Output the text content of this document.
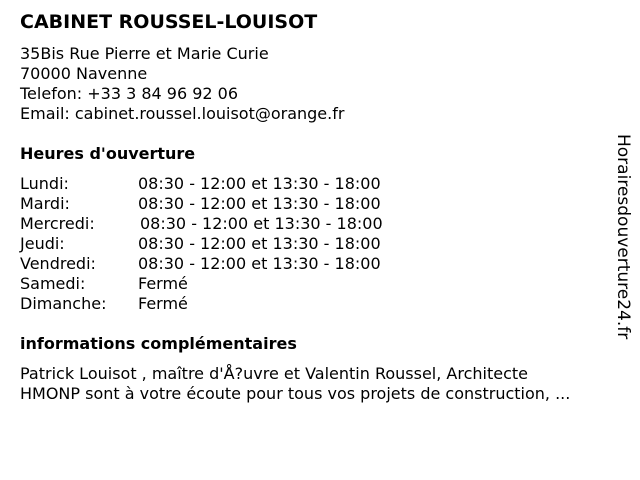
CABINET ROUSSEL-LOUISOT
35Bis Rue Pierre et Marie Curie
70000 Navenne
Telefon: +33 3 84 96 92 06
Email: cabinet.roussel.louisot@orange.fr
Heures d'ouverture
Lundi:	08:30 - 12:00 et 13:30 - 18:00
Mardi:	08:30 - 12:00 et 13:30 - 18:00
Mercredi:	08:30 - 12:00 et 13:30 - 18:00
Jeudi:	08:30 - 12:00 et 13:30 - 18:00
Vendredi:	08:30 - 12:00 et 13:30 - 18:00
Samedi:	Fermé
Dimanche: Fermé
informations complémentaires
Patrick Louisot , maître d'Å?uvre et Valentin Roussel, Architecte
HMONP sont à votre écoute pour tous vos projets de construction, ...
Horairesdouverture24.fr
